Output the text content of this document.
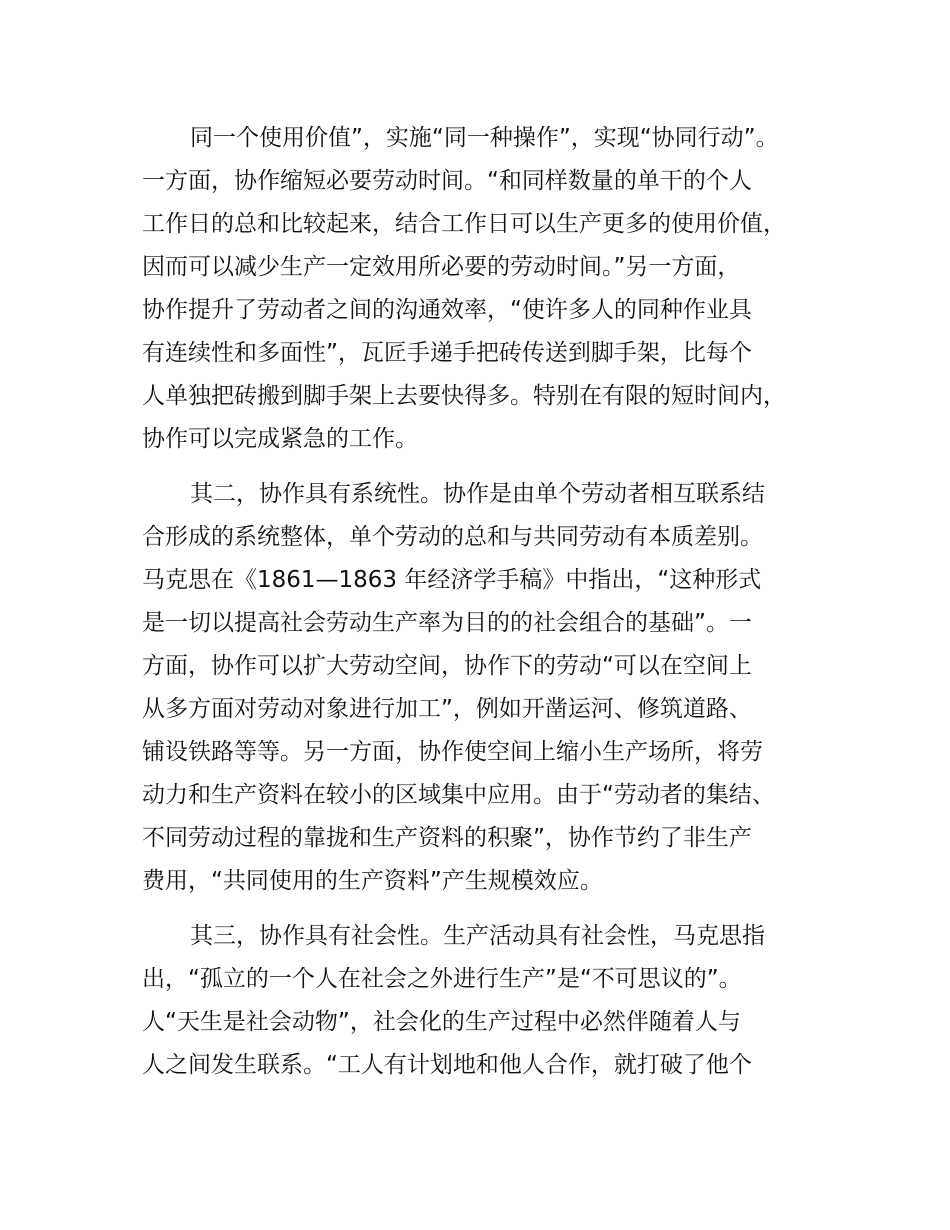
同一个使用价值”，实施“同一种操作”，实现“协同行动”。
一方面，协作缩短必要劳动时间。“和同样数量的单干的个人
工作日的总和比较起来，结合工作日可以生产更多的使用价值，
因而可以减少生产一定效用所必要的劳动时间。”另一方面，
协作提升了劳动者之间的沟通效率，“使许多人的同种作业具
有连续性和多面性”，瓦匠手递手把砖传送到脚手架，比每个
人单独把砖搬到脚手架上去要快得多。特别在有限的短时间内，
协作可以完成紧急的工作。
其二，协作具有系统性。协作是由单个劳动者相互联系结
合形成的系统整体，单个劳动的总和与共同劳动有本质差别。
马克思在《1861—1863 年经济学手稿》中指出，“这种形式
是一切以提高社会劳动生产率为目的的社会组合的基础”。一
方面，协作可以扩大劳动空间，协作下的劳动“可以在空间上
从多方面对劳动对象进行加工”，例如开凿运河、修筑道路、
铺设铁路等等。另一方面，协作使空间上缩小生产场所，将劳
动力和生产资料在较小的区域集中应用。由于“劳动者的集结、
不同劳动过程的靠拢和生产资料的积聚”，协作节约了非生产
费用，“共同使用的生产资料”产生规模效应。
其三，协作具有社会性。生产活动具有社会性，马克思指
出，“孤立的一个人在社会之外进行生产”是“不可思议的”。
人“天生是社会动物”，社会化的生产过程中必然伴随着人与
人之间发生联系。“工人有计划地和他人合作，就打破了他个
